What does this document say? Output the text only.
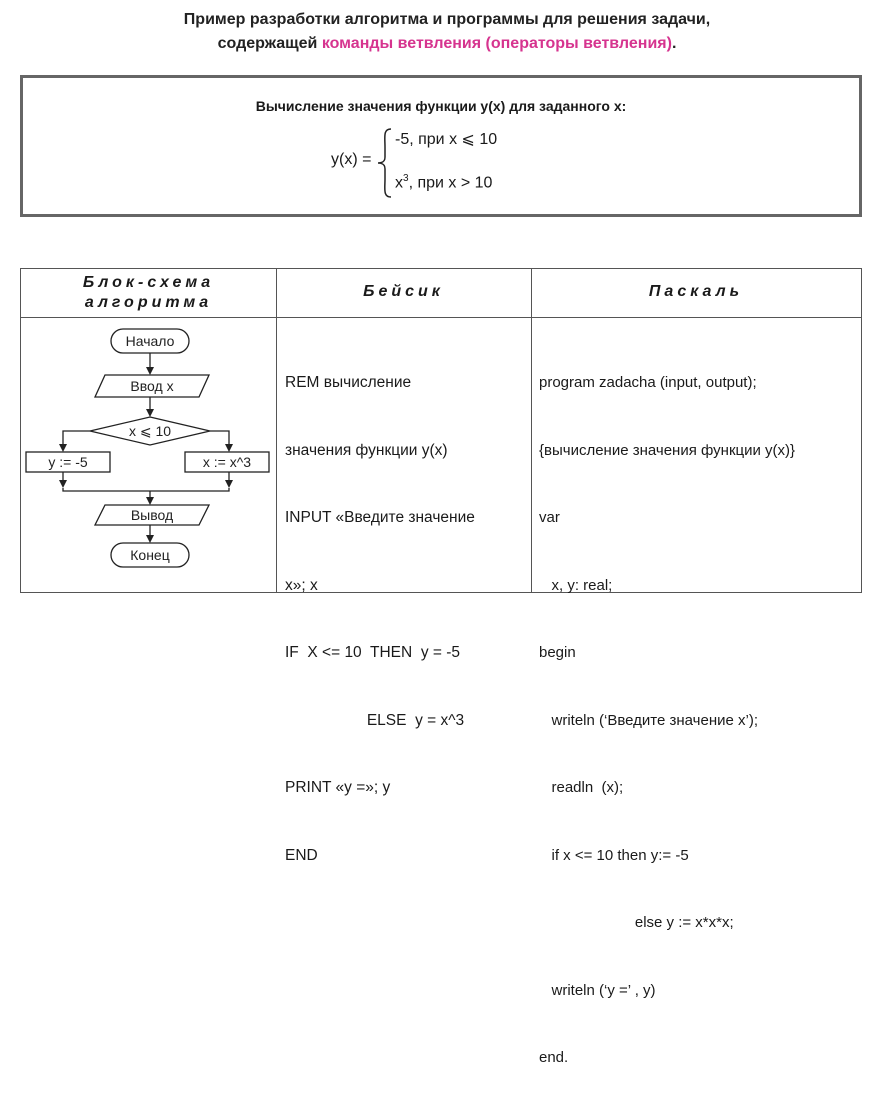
Пример разработки алгоритма и программы для решения задачи,
содержащей команды ветвления (операторы ветвления).
Вычисление значения функции y(x) для заданного x:
y(x) =
-5, при x ⩽ 10
$x^3$, при x > 10
Блок-схема
алгоритма
Бейсик	Паскаль
Начало
Ввод x
x ⩽ 10
y := -5	x := x^3
Вывод
Конец

REM вычисление

значения функции y(x)

INPUT «Введите значение

x»; x

IF  X <= 10  THEN  y = -5

ELSE  y = x^3

PRINT «y =»; y

END

program zadacha (input, output);

{вычисление значения функции y(x)}

var

x, y: real;

begin

writeln (‘Введите значение x’);

readln  (x);

if x <= 10 then y:= -5

else y := x*x*x;

writeln (‘y =’ , y)

end.
